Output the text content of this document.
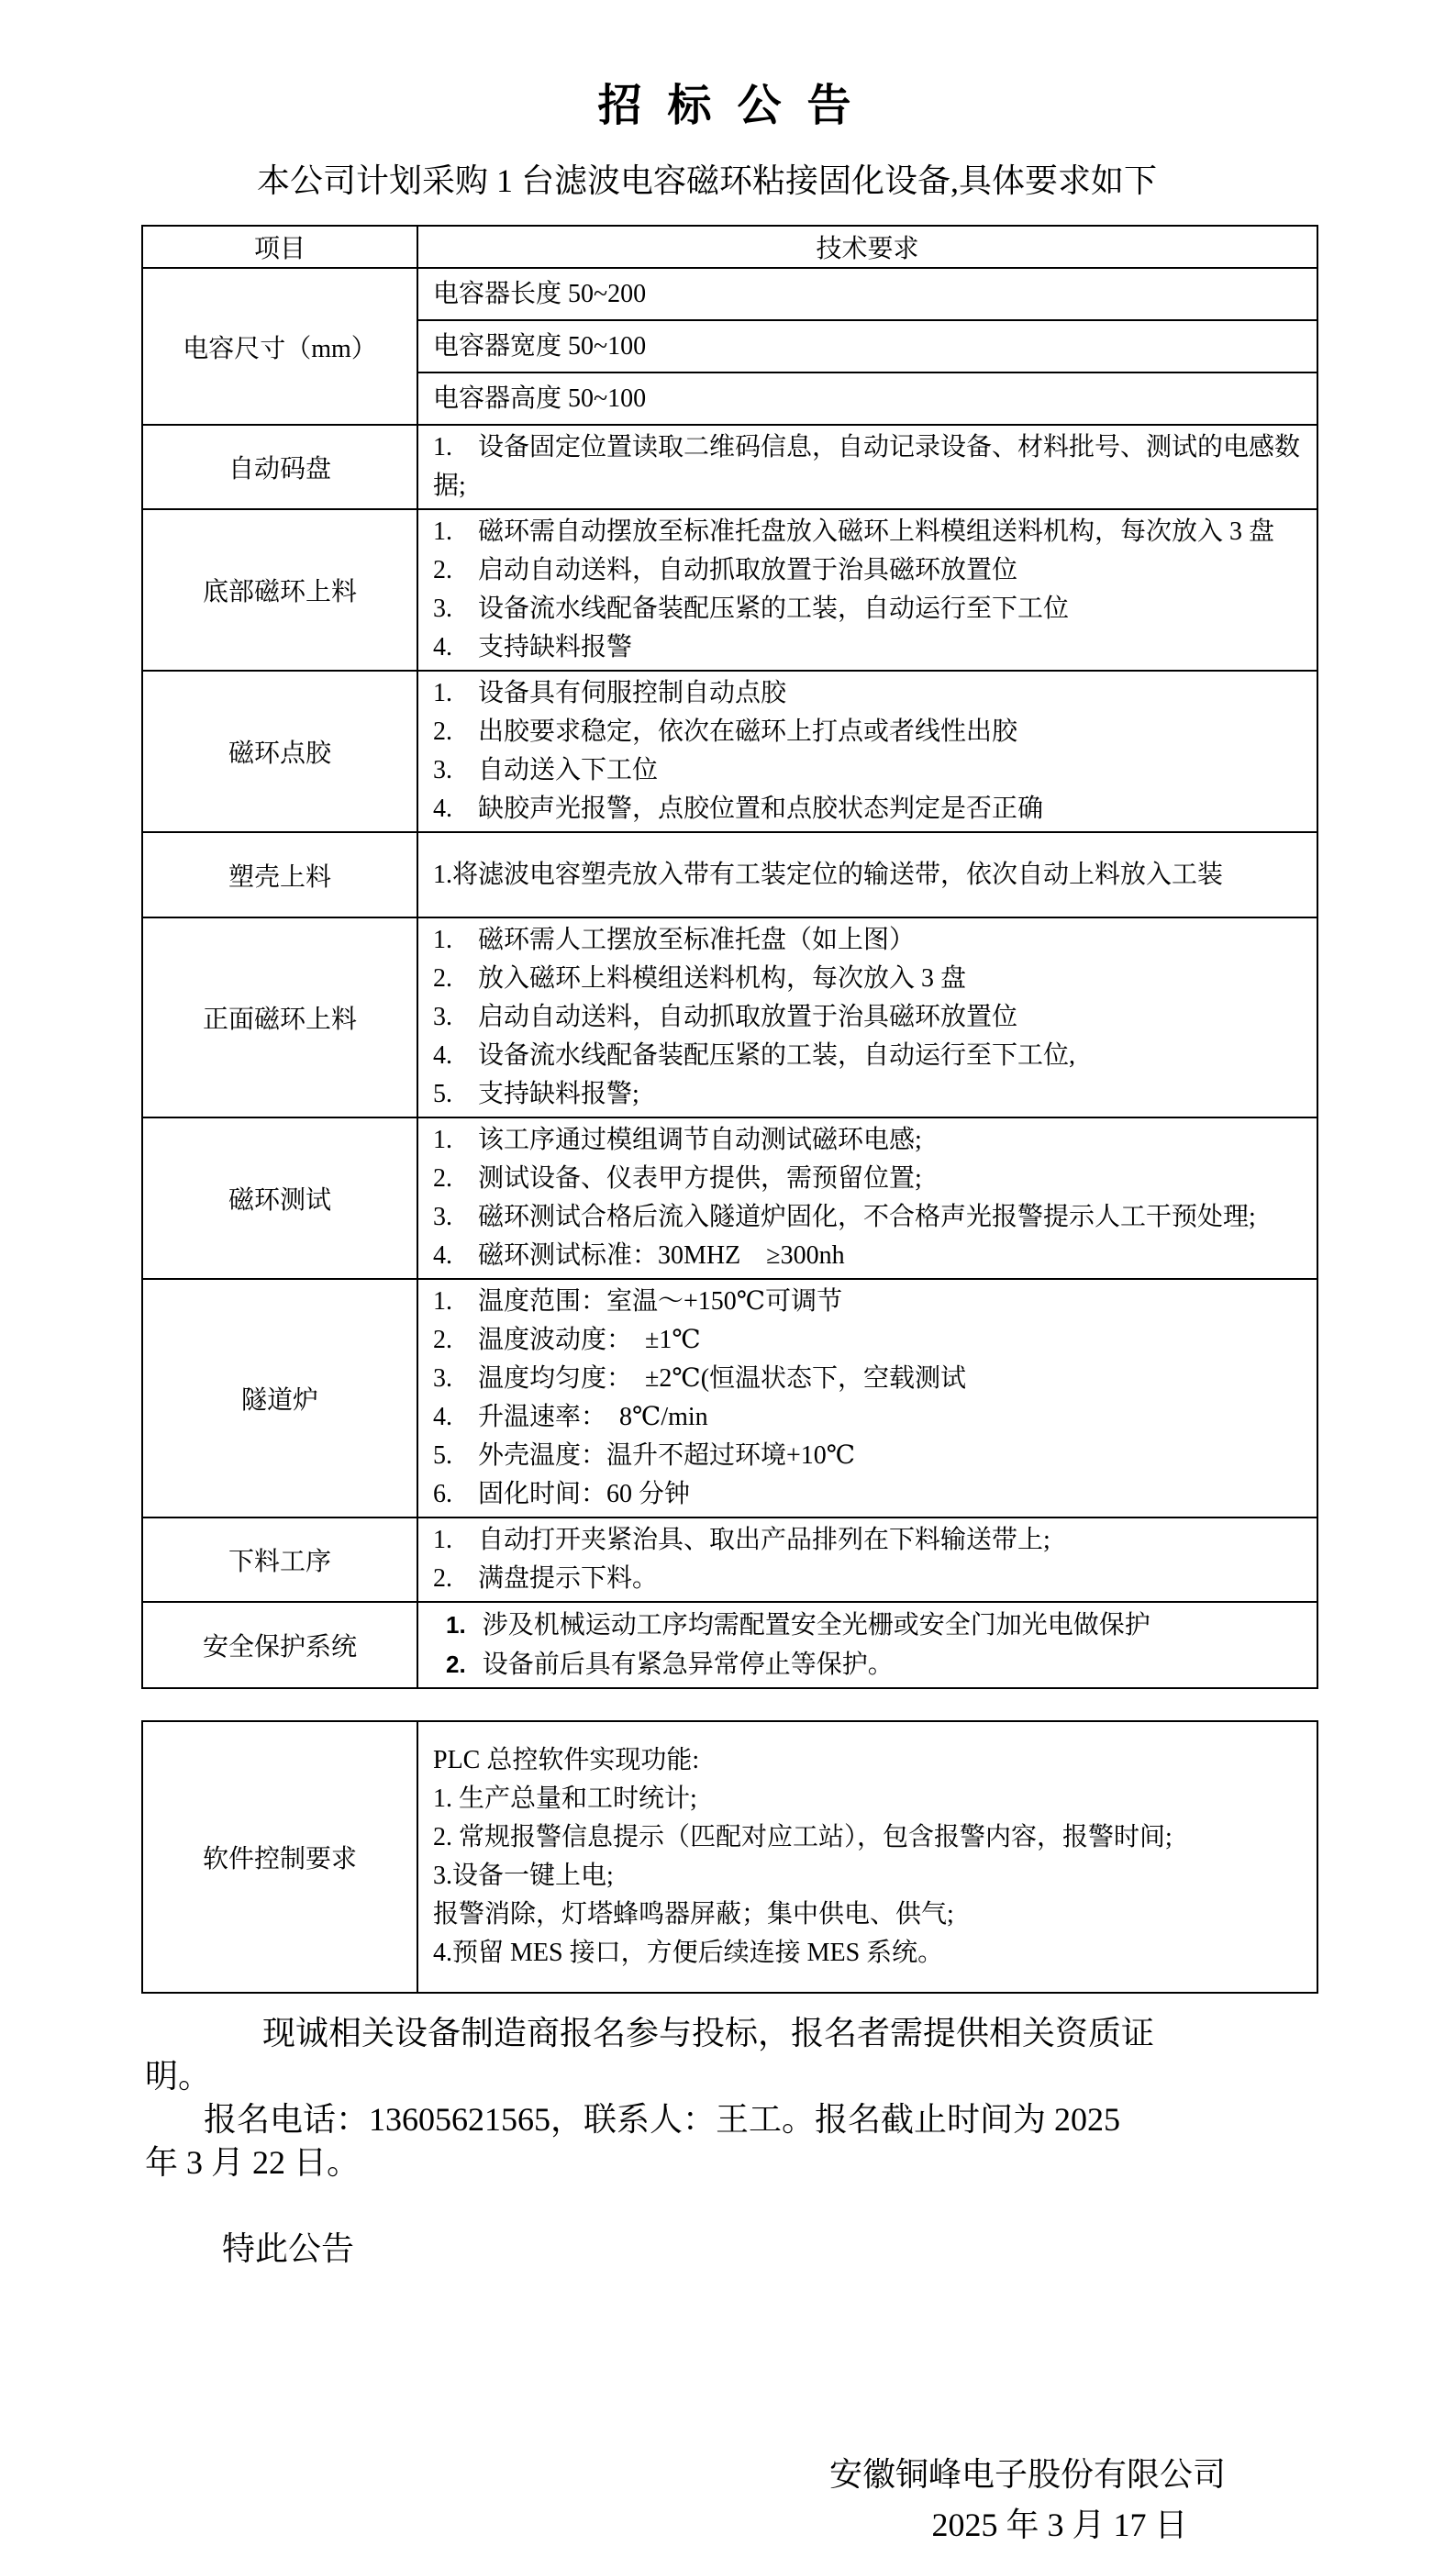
招 标 公 告
本公司计划采购 1 台滤波电容磁环粘接固化设备,具体要求如下
项目	技术要求
电容尺寸（mm）	电容器长度 50~200

	电容器宽度 50~100

	电容器高度 50~100

自动码盘	1.　设备固定位置读取二维码信息，自动记录设备、材料批号、测试的电感数据;

底部磁环上料	1.　磁环需自动摆放至标准托盘放入磁环上料模组送料机构，每次放入 3 盘
2.　启动自动送料，自动抓取放置于治具磁环放置位
3.　设备流水线配备装配压紧的工装，自动运行至下工位
4.　支持缺料报警

磁环点胶	1.　设备具有伺服控制自动点胶
2.　出胶要求稳定，依次在磁环上打点或者线性出胶
3.　自动送入下工位
4.　缺胶声光报警，点胶位置和点胶状态判定是否正确

塑壳上料	1.将滤波电容塑壳放入带有工装定位的输送带，依次自动上料放入工装

正面磁环上料	1.　磁环需人工摆放至标准托盘（如上图）
2.　放入磁环上料模组送料机构，每次放入 3 盘
3.　启动自动送料，自动抓取放置于治具磁环放置位
4.　设备流水线配备装配压紧的工装，自动运行至下工位,
5.　支持缺料报警;

磁环测试	1.　该工序通过模组调节自动测试磁环电感;
2.　测试设备、仪表甲方提供，需预留位置;
3.　磁环测试合格后流入隧道炉固化，不合格声光报警提示人工干预处理;
4.　磁环测试标准：30MHZ　≥300nh

隧道炉	
1.　温度范围：室温～+150℃可调节
2.　温度波动度：　±1℃
3.　温度均匀度：　±2℃(恒温状态下，空载测试
4.　升温速率：　8℃/min
5.　外壳温度：温升不超过环境+10℃
6.　固化时间：60 分钟

下料工序	1.　自动打开夹紧治具、取出产品排列在下料输送带上;
2.　满盘提示下料。

安全保护系统	1. 涉及机械运动工序均需配置安全光栅或安全门加光电做保护
2. 设备前后具有紧急异常停止等保护。
软件控制要求	
PLC 总控软件实现功能:
1. 生产总量和工时统计;
2. 常规报警信息提示（匹配对应工站），包含报警内容，报警时间;
3.设备一键上电;
报警消除，灯塔蜂鸣器屏蔽；集中供电、供气;
4.预留 MES 接口，方便后续连接 MES 系统。
现诚相关设备制造商报名参与投标，报名者需提供相关资质证
明。
报名电话：13605621565，联系人：王工。报名截止时间为 2025
年 3 月 22 日。
特此公告
安徽铜峰电子股份有限公司
2025 年 3 月 17 日
